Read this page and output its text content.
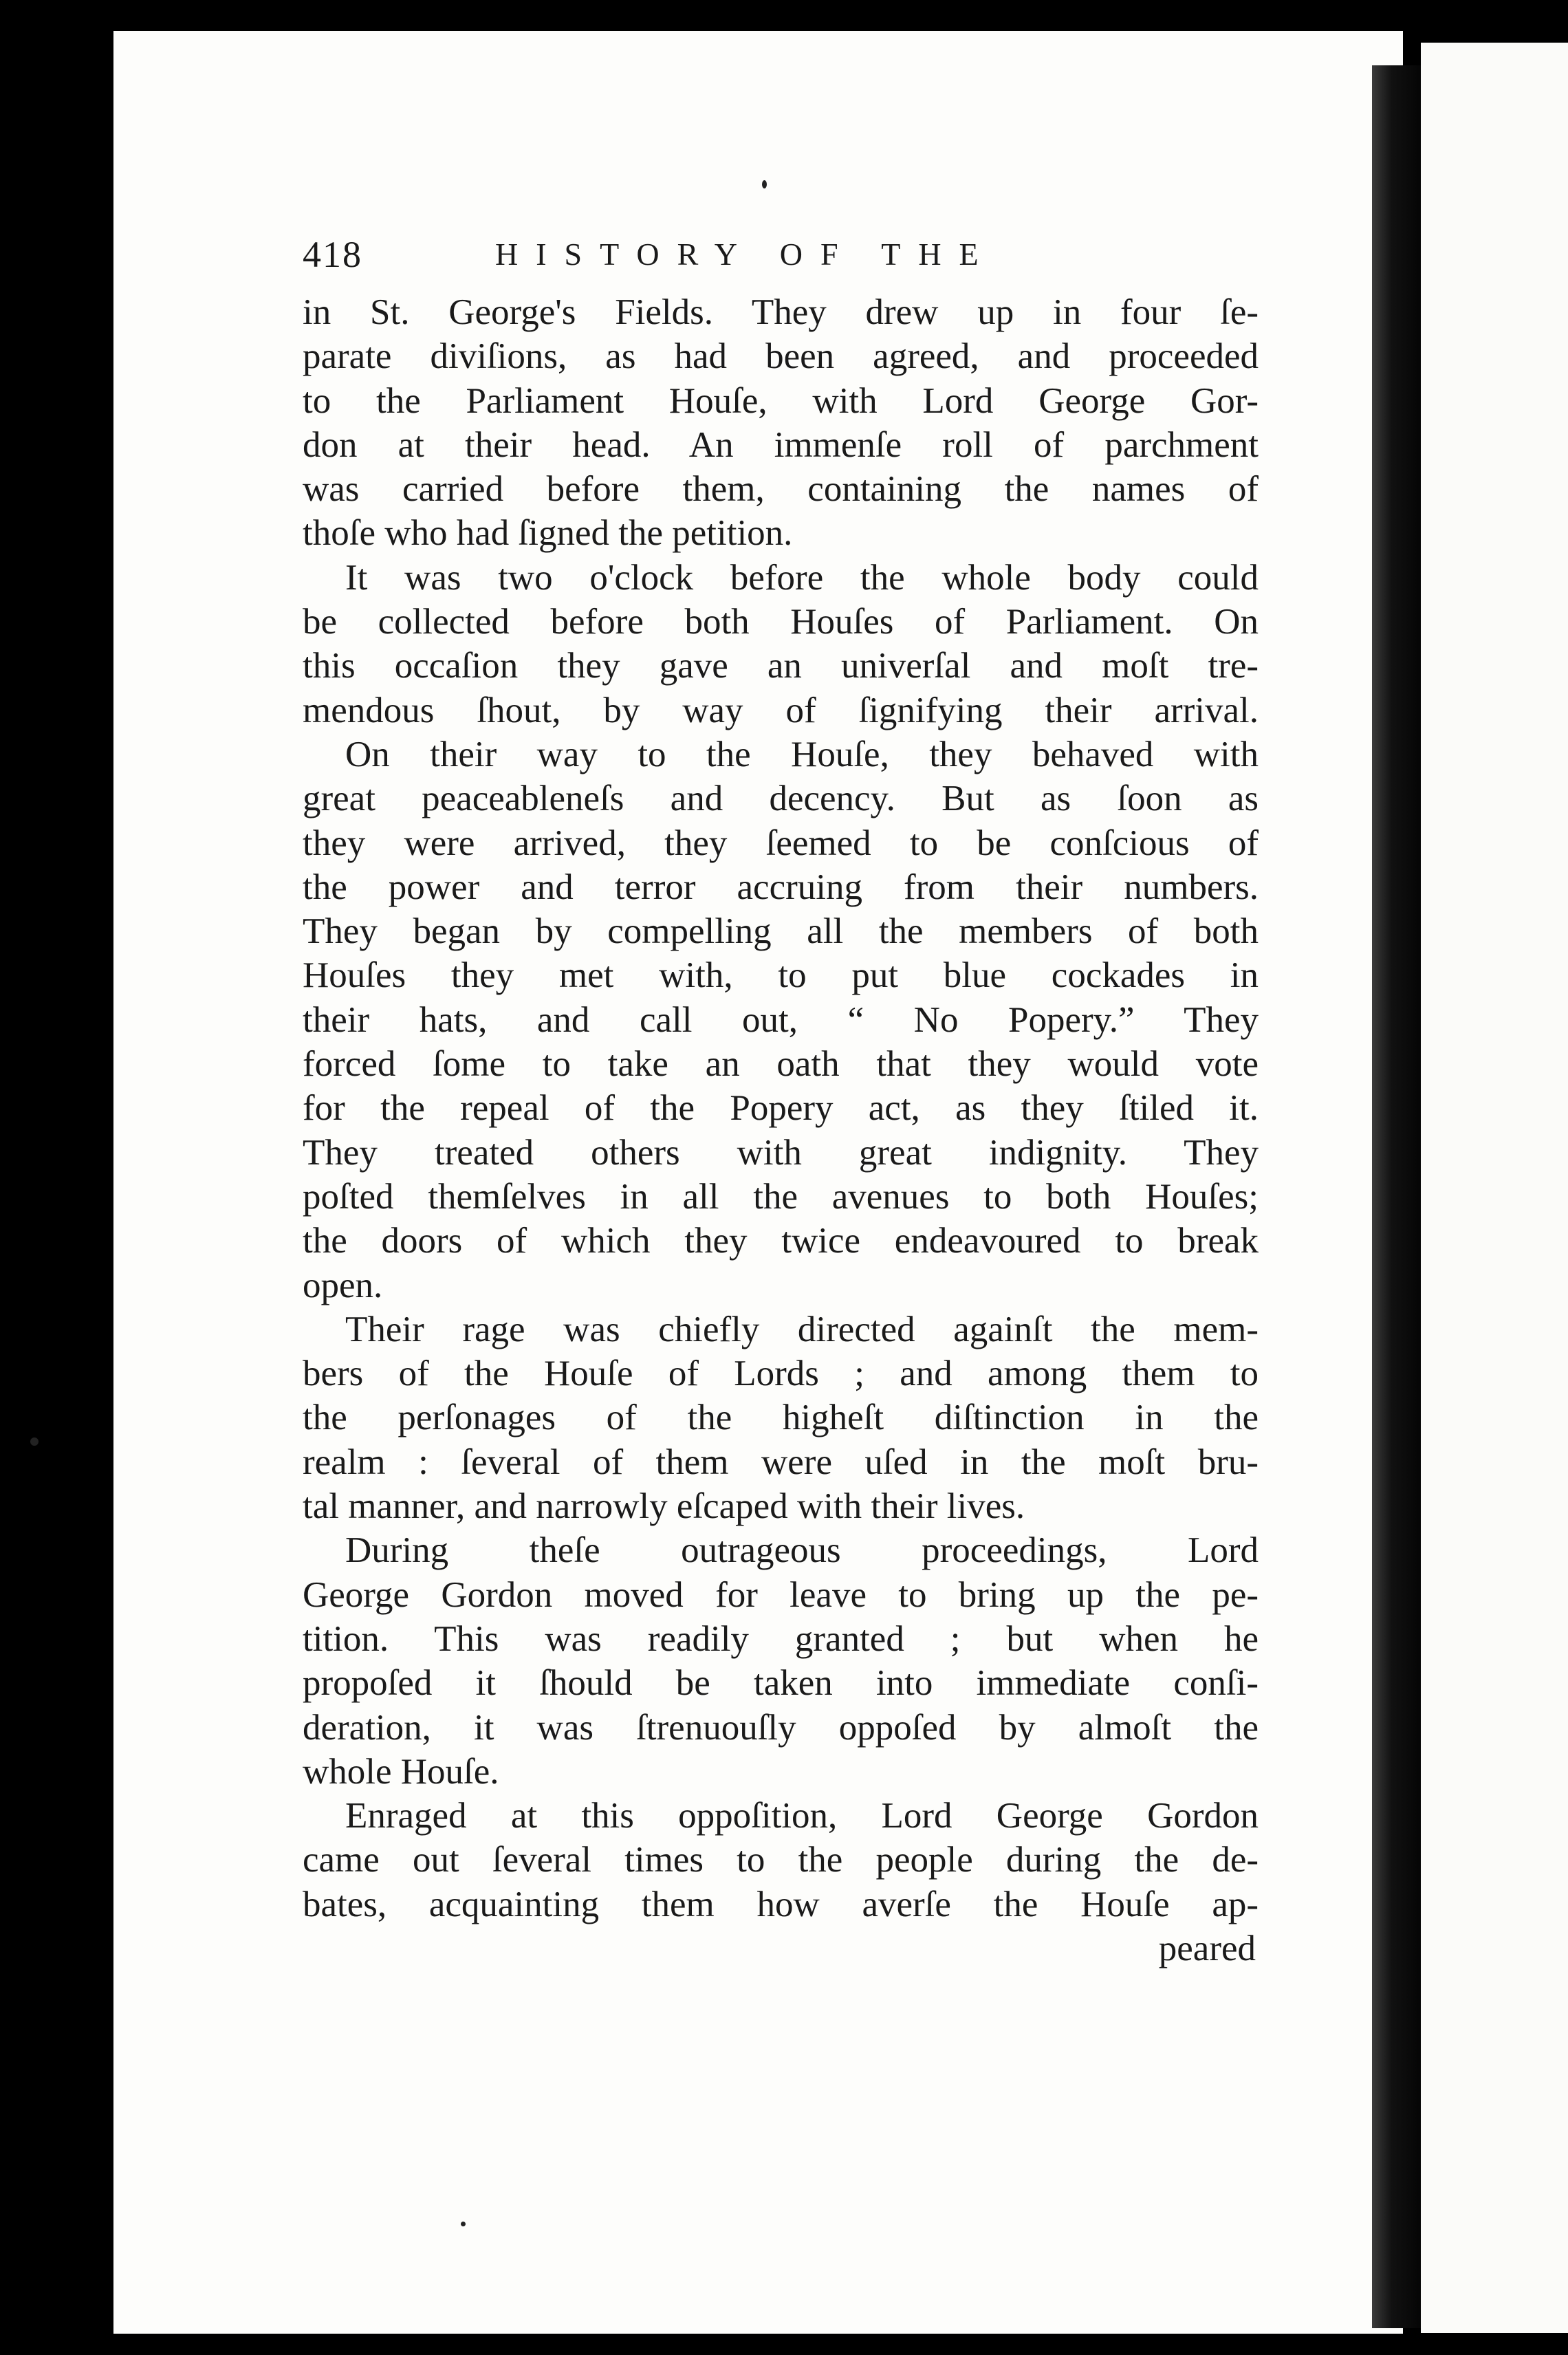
418	HISTORY OF THE
in St. George's Fields. They drew up in four ſe-
parate diviſions, as had been agreed, and proceeded
to the Parliament Houſe, with Lord George Gor-
don at their head. An immenſe roll of parchment
was carried before them, containing the names of
thoſe who had ſigned the petition.
It was two o'clock before the whole body could
be collected before both Houſes of Parliament. On
this occaſion they gave an univerſal and moſt tre-
mendous ſhout, by way of ſignifying their arrival.
On their way to the Houſe, they behaved with
great peaceableneſs and decency. But as ſoon as
they were arrived, they ſeemed to be conſcious of
the power and terror accruing from their numbers.
They began by compelling all the members of both
Houſes they met with, to put blue cockades in
their hats, and call out, “ No Popery.” They
forced ſome to take an oath that they would vote
for the repeal of the Popery act, as they ſtiled it.
They treated others with great indignity. They
poſted themſelves in all the avenues to both Houſes;
the doors of which they twice endeavoured to break
open.
Their rage was chiefly directed againſt the mem-
bers of the Houſe of Lords ; and among them to
the perſonages of the higheſt diſtinction in the
realm : ſeveral of them were uſed in the moſt bru-
tal manner, and narrowly eſcaped with their lives.
During theſe outrageous proceedings, Lord
George Gordon moved for leave to bring up the pe-
tition. This was readily granted ; but when he
propoſed it ſhould be taken into immediate conſi-
deration, it was ſtrenuouſly oppoſed by almoſt the
whole Houſe.
Enraged at this oppoſition, Lord George Gordon
came out ſeveral times to the people during the de-
bates, acquainting them how averſe the Houſe ap-
peared
